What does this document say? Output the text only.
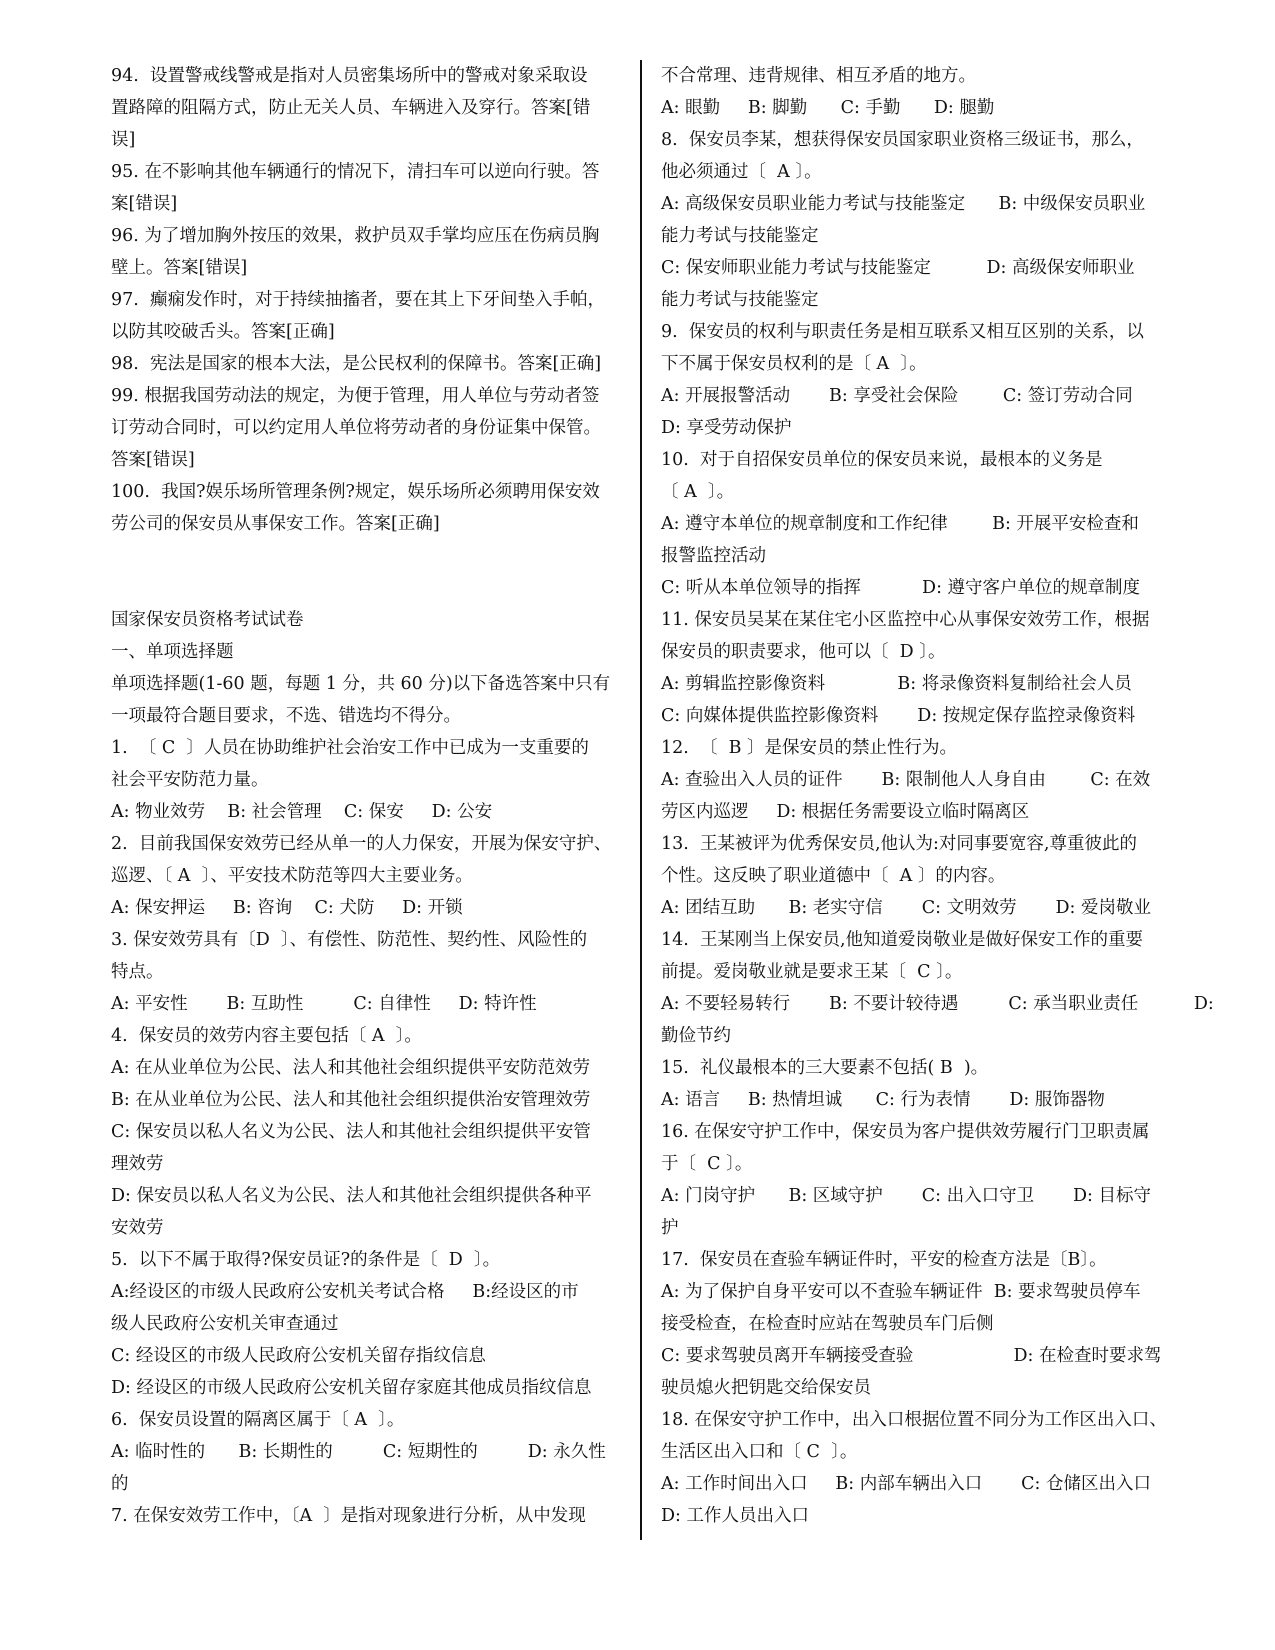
94.  设置警戒线警戒是指对人员密集场所中的警戒对象采取设
置路障的阻隔方式，防止无关人员、车辆进入及穿行。答案[错
误]
95. 在不影响其他车辆通行的情况下，清扫车可以逆向行驶。答
案[错误]
96. 为了增加胸外按压的效果，救护员双手掌均应压在伤病员胸
壁上。答案[错误]
97.  癫痫发作时，对于持续抽搐者，要在其上下牙间垫入手帕，
以防其咬破舌头。答案[正确]
98.  宪法是国家的根本大法，是公民权利的保障书。答案[正确]
99. 根据我国劳动法的规定，为便于管理，用人单位与劳动者签
订劳动合同时，可以约定用人单位将劳动者的身份证集中保管。
答案[错误]
100.  我国?娱乐场所管理条例?规定，娱乐场所必须聘用保安效
劳公司的保安员从事保安工作。答案[正确]
国家保安员资格考试试卷
一、单项选择题
单项选择题(1-60 题，每题 1 分，共 60 分)以下备选答案中只有
一项最符合题目要求，不选、错选均不得分。
1.  〔 C  〕人员在协助维护社会治安工作中已成为一支重要的
社会平安防范力量。
A: 物业效劳    B: 社会管理    C: 保安     D: 公安
2.  目前我国保安效劳已经从单一的人力保安，开展为保安守护、
巡逻、〔 A  〕、平安技术防范等四大主要业务。
A: 保安押运     B: 咨询    C: 犬防     D: 开锁
3. 保安效劳具有〔D  〕、有偿性、防范性、契约性、风险性的
特点。
A: 平安性       B: 互助性         C: 自律性     D: 特许性
4.  保安员的效劳内容主要包括〔 A  〕。
A: 在从业单位为公民、法人和其他社会组织提供平安防范效劳
B: 在从业单位为公民、法人和其他社会组织提供治安管理效劳
C: 保安员以私人名义为公民、法人和其他社会组织提供平安管
理效劳
D: 保安员以私人名义为公民、法人和其他社会组织提供各种平
安效劳
5.  以下不属于取得?保安员证?的条件是〔  D  〕。
A:经设区的市级人民政府公安机关考试合格     B:经设区的市
级人民政府公安机关审查通过
C: 经设区的市级人民政府公安机关留存指纹信息
D: 经设区的市级人民政府公安机关留存家庭其他成员指纹信息
6.  保安员设置的隔离区属于〔 A  〕。
A: 临时性的      B: 长期性的         C: 短期性的         D: 永久性
的
7. 在保安效劳工作中，〔A  〕是指对现象进行分析，从中发现
不合常理、违背规律、相互矛盾的地方。
A: 眼勤     B: 脚勤      C: 手勤      D: 腿勤
8.  保安员李某，想获得保安员国家职业资格三级证书，那么，
他必须通过〔  A 〕。
A: 高级保安员职业能力考试与技能鉴定      B: 中级保安员职业
能力考试与技能鉴定
C: 保安师职业能力考试与技能鉴定          D: 高级保安师职业
能力考试与技能鉴定
9.  保安员的权利与职责任务是相互联系又相互区别的关系，以
下不属于保安员权利的是〔 A  〕。
A: 开展报警活动       B: 享受社会保险        C: 签订劳动合同
D: 享受劳动保护
10.  对于自招保安员单位的保安员来说，最根本的义务是
〔 A  〕。
A: 遵守本单位的规章制度和工作纪律        B: 开展平安检查和
报警监控活动
C: 听从本单位领导的指挥           D: 遵守客户单位的规章制度
11. 保安员吴某在某住宅小区监控中心从事保安效劳工作，根据
保安员的职责要求，他可以〔  D 〕。
A: 剪辑监控影像资料             B: 将录像资料复制给社会人员
C: 向媒体提供监控影像资料       D: 按规定保存监控录像资料
12.  〔  B 〕是保安员的禁止性行为。
A: 查验出入人员的证件       B: 限制他人人身自由        C: 在效
劳区内巡逻     D: 根据任务需要设立临时隔离区
13.  王某被评为优秀保安员,他认为:对同事要宽容,尊重彼此的
个性。这反映了职业道德中〔  A 〕的内容。
A: 团结互助      B: 老实守信       C: 文明效劳       D: 爱岗敬业
14.  王某刚当上保安员,他知道爱岗敬业是做好保安工作的重要
前提。爱岗敬业就是要求王某〔  C 〕。
A: 不要轻易转行       B: 不要计较待遇         C: 承当职业责任          D:
勤俭节约
15.  礼仪最根本的三大要素不包括( B  )。
A: 语言     B: 热情坦诚      C: 行为表情       D: 服饰器物
16. 在保安守护工作中，保安员为客户提供效劳履行门卫职责属
于〔  C 〕。
A: 门岗守护      B: 区域守护       C: 出入口守卫       D: 目标守
护
17.  保安员在查验车辆证件时，平安的检查方法是〔B〕。
A: 为了保护自身平安可以不查验车辆证件  B: 要求驾驶员停车
接受检查，在检查时应站在驾驶员车门后侧
C: 要求驾驶员离开车辆接受查验                  D: 在检查时要求驾
驶员熄火把钥匙交给保安员
18. 在保安守护工作中，出入口根据位置不同分为工作区出入口、
生活区出入口和〔 C  〕。
A: 工作时间出入口     B: 内部车辆出入口       C: 仓储区出入口
D: 工作人员出入口
